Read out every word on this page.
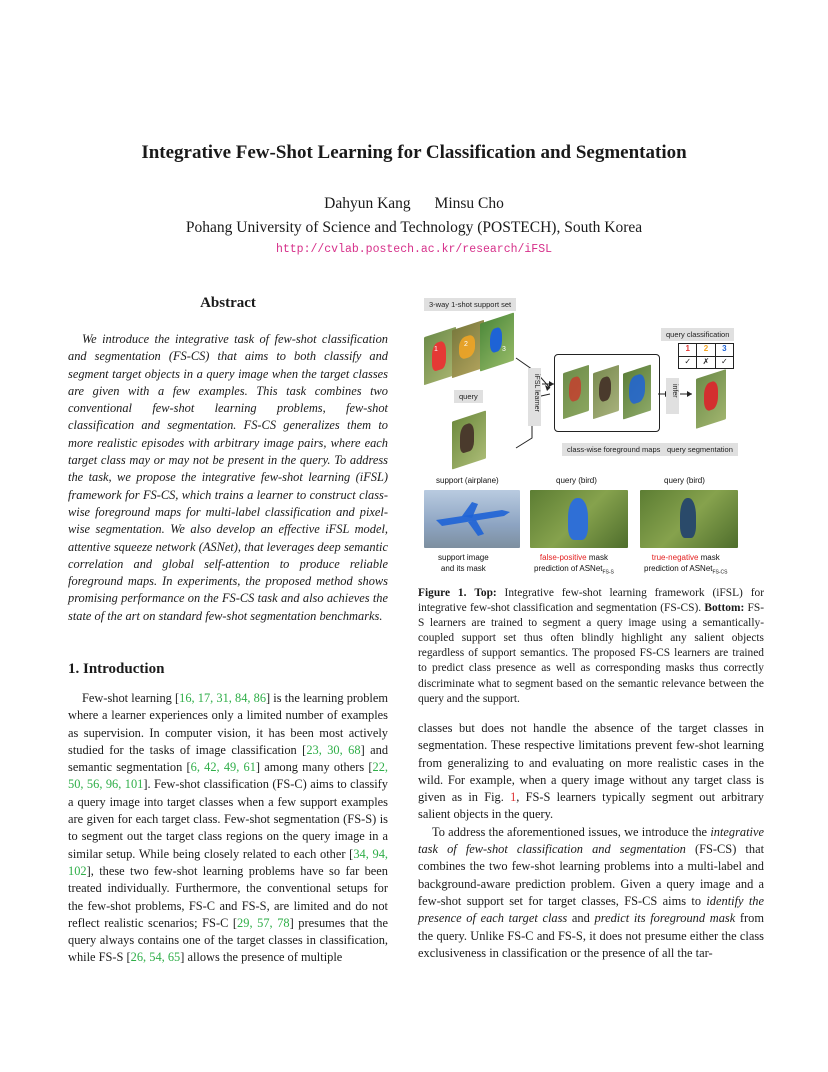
Integrative Few-Shot Learning for Classification and Segmentation
Dahyun Kang Minsu Cho
Pohang University of Science and Technology (POSTECH), South Korea
http://cvlab.postech.ac.kr/research/iFSL
Abstract
We introduce the integrative task of few-shot classification and segmentation (FS-CS) that aims to both classify and segment target objects in a query image when the target classes are given with a few examples. This task combines two conventional few-shot learning problems, few-shot classification and segmentation. FS-CS generalizes them to more realistic episodes with arbitrary image pairs, where each target class may or may not be present in the query. To address the task, we propose the integrative few-shot learning (iFSL) framework for FS-CS, which trains a learner to construct class-wise foreground maps for multi-label classification and pixel-wise segmentation. We also develop an effective iFSL model, attentive squeeze network (ASNet), that leverages deep semantic correlation and global self-attention to produce reliable foreground maps. In experiments, the proposed method shows promising performance on the FS-CS task and also achieves the state of the art on standard few-shot segmentation benchmarks.
1. Introduction
Few-shot learning [16, 17, 31, 84, 86] is the learning problem where a learner experiences only a limited number of examples as supervision. In computer vision, it has been most actively studied for the tasks of image classification [23, 30, 68] and semantic segmentation [6, 42, 49, 61] among many others [22, 50, 56, 96, 101]. Few-shot classification (FS-C) aims to classify a query image into target classes when a few support examples are given for each target class. Few-shot segmentation (FS-S) is to segment out the target class regions on the query image in a similar setup. While being closely related to each other [34, 94, 102], these two few-shot learning problems have so far been treated individually. Furthermore, the conventional setups for the few-shot problems, FS-C and FS-S, are limited and do not reflect realistic scenarios; FS-C [29, 57, 78] presumes that the query always contains one of the target classes in classification, while FS-S [26, 54, 65] allows the presence of multiple
3-way 1-shot support set
1
2
3
query	iFSL learner
class-wise foreground maps
query classification
1	2	3
✓	✗	✓
infer
query segmentation
support (airplane)	query (bird)	query (bird)
support image
and its mask
false-positive mask
prediction of ASNet$_{FS-S}$
true-negative mask
prediction of ASNet$_{FS-CS}$
Figure 1. Top: Integrative few-shot learning framework (iFSL) for integrative few-shot classification and segmentation (FS-CS). Bottom: FS-S learners are trained to segment a query image using a semantically-coupled support set thus often blindly highlight any salient objects regardless of support semantics. The proposed FS-CS learners are trained to predict class presence as well as corresponding masks thus correctly discriminate what to segment based on the semantic relevance between the query and the support.

classes but does not handle the absence of the target classes in segmentation. These respective limitations prevent few-shot learning from generalizing to and evaluating on more realistic cases in the wild. For example, when a query image without any target class is given as in Fig. 1, FS-S learners typically segment out arbitrary salient objects in the query.

To address the aforementioned issues, we introduce the integrative task of few-shot classification and segmentation (FS-CS) that combines the two few-shot learning problems into a multi-label and background-aware prediction problem. Given a query image and a few-shot support set for target classes, FS-CS aims to identify the presence of each target class and predict its foreground mask from the query. Unlike FS-C and FS-S, it does not presume either the class exclusiveness in classification or the presence of all the tar-
